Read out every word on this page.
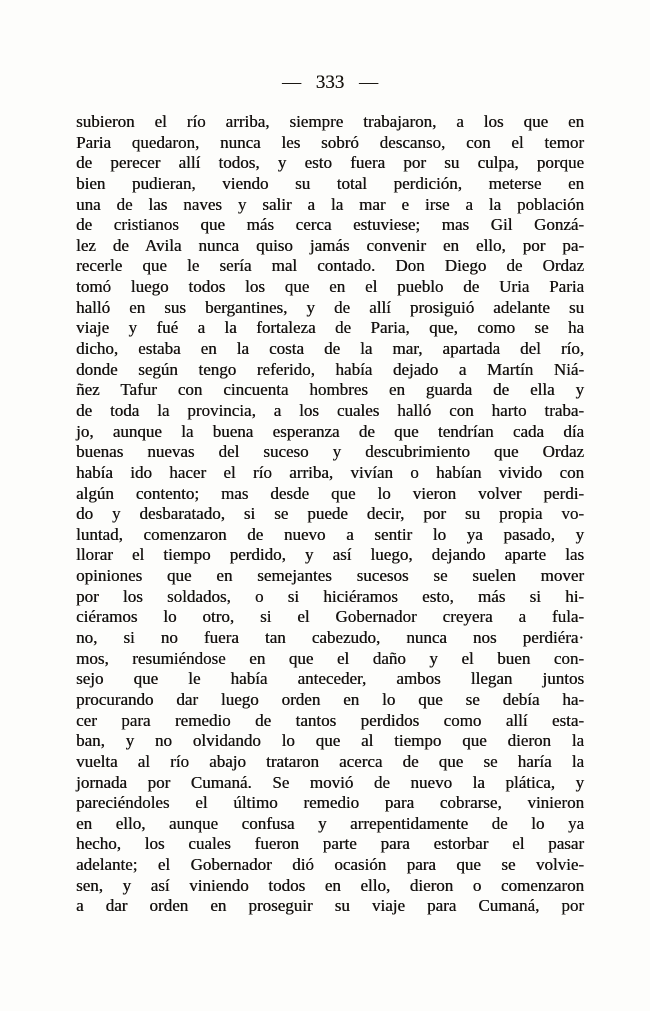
— 333 —
subieron el río arriba, siempre trabajaron, a los que en
Paria quedaron, nunca les sobró descanso, con el temor
de perecer allí todos, y esto fuera por su culpa, porque
bien pudieran, viendo su total perdición, meterse en
una de las naves y salir a la mar e irse a la población
de cristianos que más cerca estuviese; mas Gil Gonzá-
lez de Avila nunca quiso jamás convenir en ello, por pa-
recerle que le sería mal contado. Don Diego de Ordaz
tomó luego todos los que en el pueblo de Uria Paria
halló en sus bergantines, y de allí prosiguió adelante su
viaje y fué a la fortaleza de Paria, que, como se ha
dicho, estaba en la costa de la mar, apartada del río,
donde según tengo referido, había dejado a Martín Niá-
ñez Tafur con cincuenta hombres en guarda de ella y
de toda la provincia, a los cuales halló con harto traba-
jo, aunque la buena esperanza de que tendrían cada día
buenas nuevas del suceso y descubrimiento que Ordaz
había ido hacer el río arriba, vivían o habían vivido con
algún contento; mas desde que lo vieron volver perdi-
do y desbaratado, si se puede decir, por su propia vo-
luntad, comenzaron de nuevo a sentir lo ya pasado, y
llorar el tiempo perdido, y así luego, dejando aparte las
opiniones que en semejantes sucesos se suelen mover
por los soldados, o si hiciéramos esto, más si hi-
ciéramos lo otro, si el Gobernador creyera a fula-
no, si no fuera tan cabezudo, nunca nos perdiéra·
mos, resumiéndose en que el daño y el buen con-
sejo que le había anteceder, ambos llegan juntos
procurando dar luego orden en lo que se debía ha-
cer para remedio de tantos perdidos como allí esta-
ban, y no olvidando lo que al tiempo que dieron la
vuelta al río abajo trataron acerca de que se haría la
jornada por Cumaná. Se movió de nuevo la plática, y
pareciéndoles el último remedio para cobrarse, vinieron
en ello, aunque confusa y arrepentidamente de lo ya
hecho, los cuales fueron parte para estorbar el pasar
adelante; el Gobernador dió ocasión para que se volvie-
sen, y así viniendo todos en ello, dieron o comenzaron
a dar orden en proseguir su viaje para Cumaná, por
